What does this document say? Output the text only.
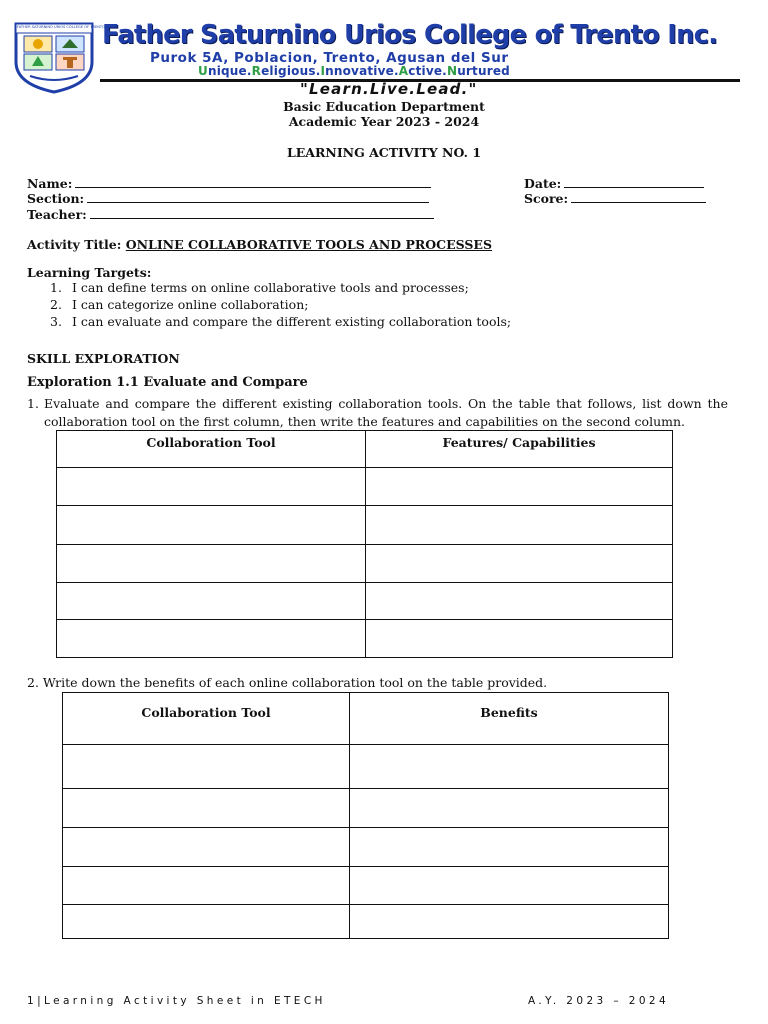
FATHER SATURNINO URIOS COLLEGE OF TRENTO INC.
Father Saturnino Urios College of Trento Inc.
Purok 5A, Poblacion, Trento, Agusan del Sur
Unique.Religious.Innovative.Active.Nurtured
"Learn.Live.Lead."
Basic Education Department
Academic Year 2023 - 2024
LEARNING ACTIVITY NO. 1
Name:
Section:
Teacher:
Date:
Score:
Activity Title: ONLINE COLLABORATIVE TOOLS AND PROCESSES
Learning Targets:
1. I can define terms on online collaborative tools and processes;
2. I can categorize online collaboration;
3. I can evaluate and compare the different existing collaboration tools;
SKILL EXPLORATION
Exploration 1.1 Evaluate and Compare
1. Evaluate and compare the different existing collaboration tools. On the table that follows, list down the collaboration tool on the first column, then write the features and capabilities on the second column.
Collaboration Tool	Features/ Capabilities

2. Write down the benefits of each online collaboration tool on the table provided.
Collaboration Tool	Benefits

1|Learning Activity Sheet in ETECH	A.Y. 2023 – 2024
